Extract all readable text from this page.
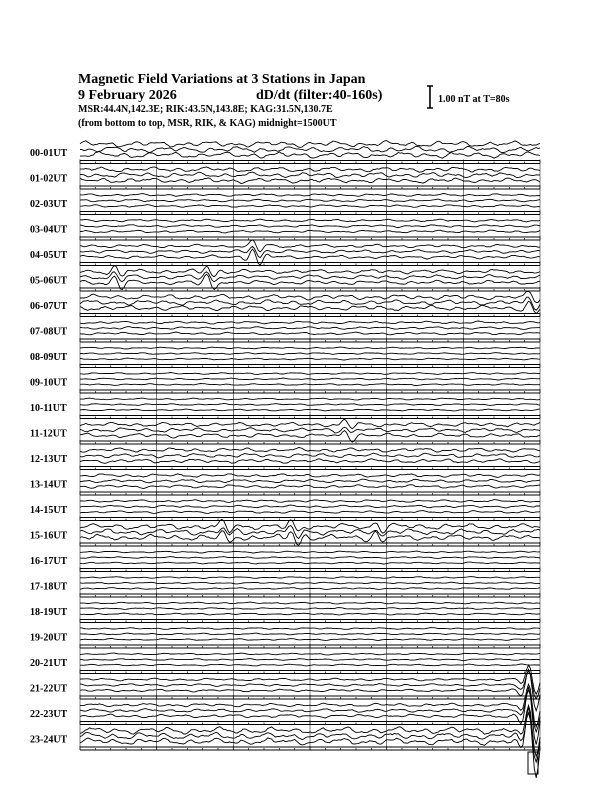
Magnetic Field Variations at 3 Stations in Japan
9 February 2026	dD/dt (filter:40-160s)
MSR:44.4N,142.3E; RIK:43.5N,143.8E; KAG:31.5N,130.7E
(from bottom to top, MSR, RIK, & KAG) midnight=1500UT
1.00 nT at T=80s
00-01UT
01-02UT
02-03UT
03-04UT
04-05UT
05-06UT
06-07UT
07-08UT
08-09UT
09-10UT
10-11UT
11-12UT
12-13UT
13-14UT
14-15UT
15-16UT
16-17UT
17-18UT
18-19UT
19-20UT
20-21UT
21-22UT
22-23UT
23-24UT
